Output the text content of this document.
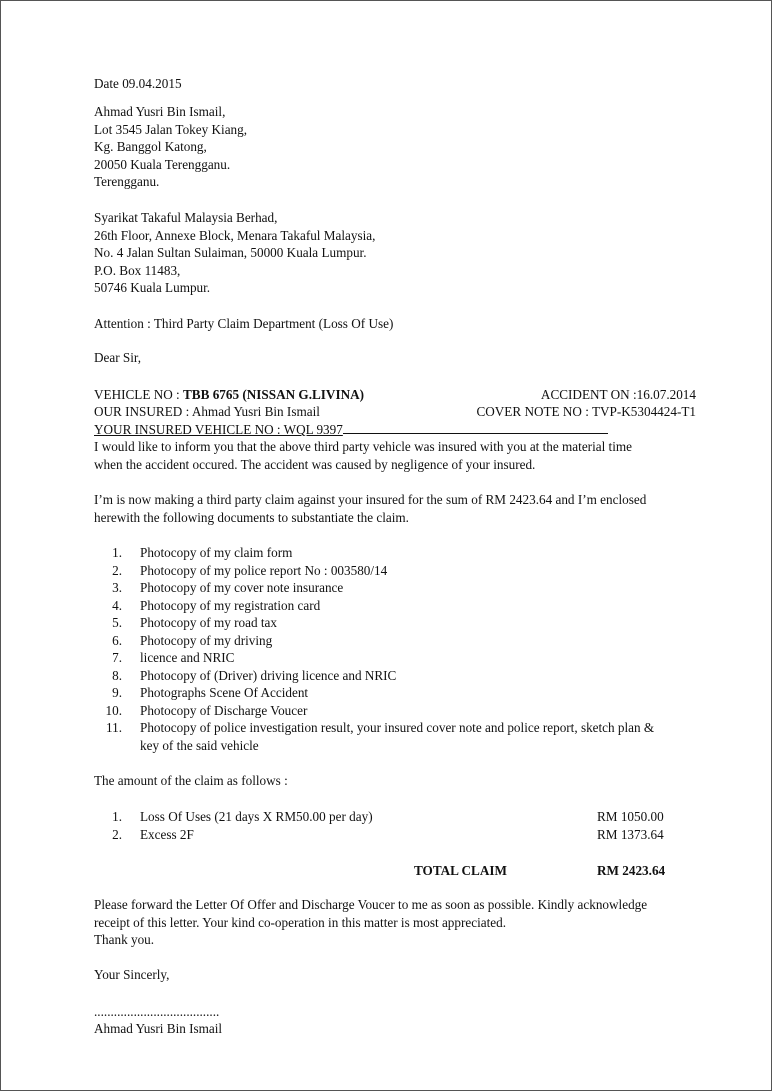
Date 09.04.2015
Ahmad Yusri Bin Ismail,
Lot 3545 Jalan Tokey Kiang,
Kg. Banggol Katong,
20050 Kuala Terengganu.
Terengganu.
Syarikat Takaful Malaysia Berhad,
26th Floor, Annexe Block, Menara Takaful Malaysia,
No. 4 Jalan Sultan Sulaiman, 50000 Kuala Lumpur.
P.O. Box 11483,
50746 Kuala Lumpur.
Attention : Third Party Claim Department (Loss Of Use)
Dear Sir,
VEHICLE NO : TBB 6765 (NISSAN G.LIVINA)	ACCIDENT ON :16.07.2014
OUR INSURED : Ahmad Yusri Bin Ismail	COVER NOTE NO : TVP-K5304424-T1
YOUR INSURED VEHICLE NO : WQL 9397
I would like to inform you that the above third party vehicle was insured with you at the material time
when the accident occured. The accident was caused by negligence of your insured.
I’m is now making a third party claim against your insured for the sum of RM 2423.64 and I’m enclosed
herewith the following documents to substantiate the claim.
1. Photocopy of my claim form
2. Photocopy of my police report No : 003580/14
3. Photocopy of my cover note insurance
4. Photocopy of my registration card
5. Photocopy of my road tax
6. Photocopy of my driving
7. licence and NRIC
8. Photocopy of (Driver) driving licence and NRIC
9. Photographs Scene Of Accident
10. Photocopy of Discharge Voucer
11. Photocopy of police investigation result, your insured cover note and police report, sketch plan &
key of the said vehicle
The amount of the claim as follows :
1. Loss Of Uses (21 days X RM50.00 per day)	RM 1050.00
2. Excess 2F	RM 1373.64
TOTAL CLAIM	RM 2423.64
Please forward the Letter Of Offer and Discharge Voucer to me as soon as possible. Kindly acknowledge
receipt of this letter. Your kind co-operation in this matter is most appreciated.
Thank you.
Your Sincerly,
......................................
Ahmad Yusri Bin Ismail
